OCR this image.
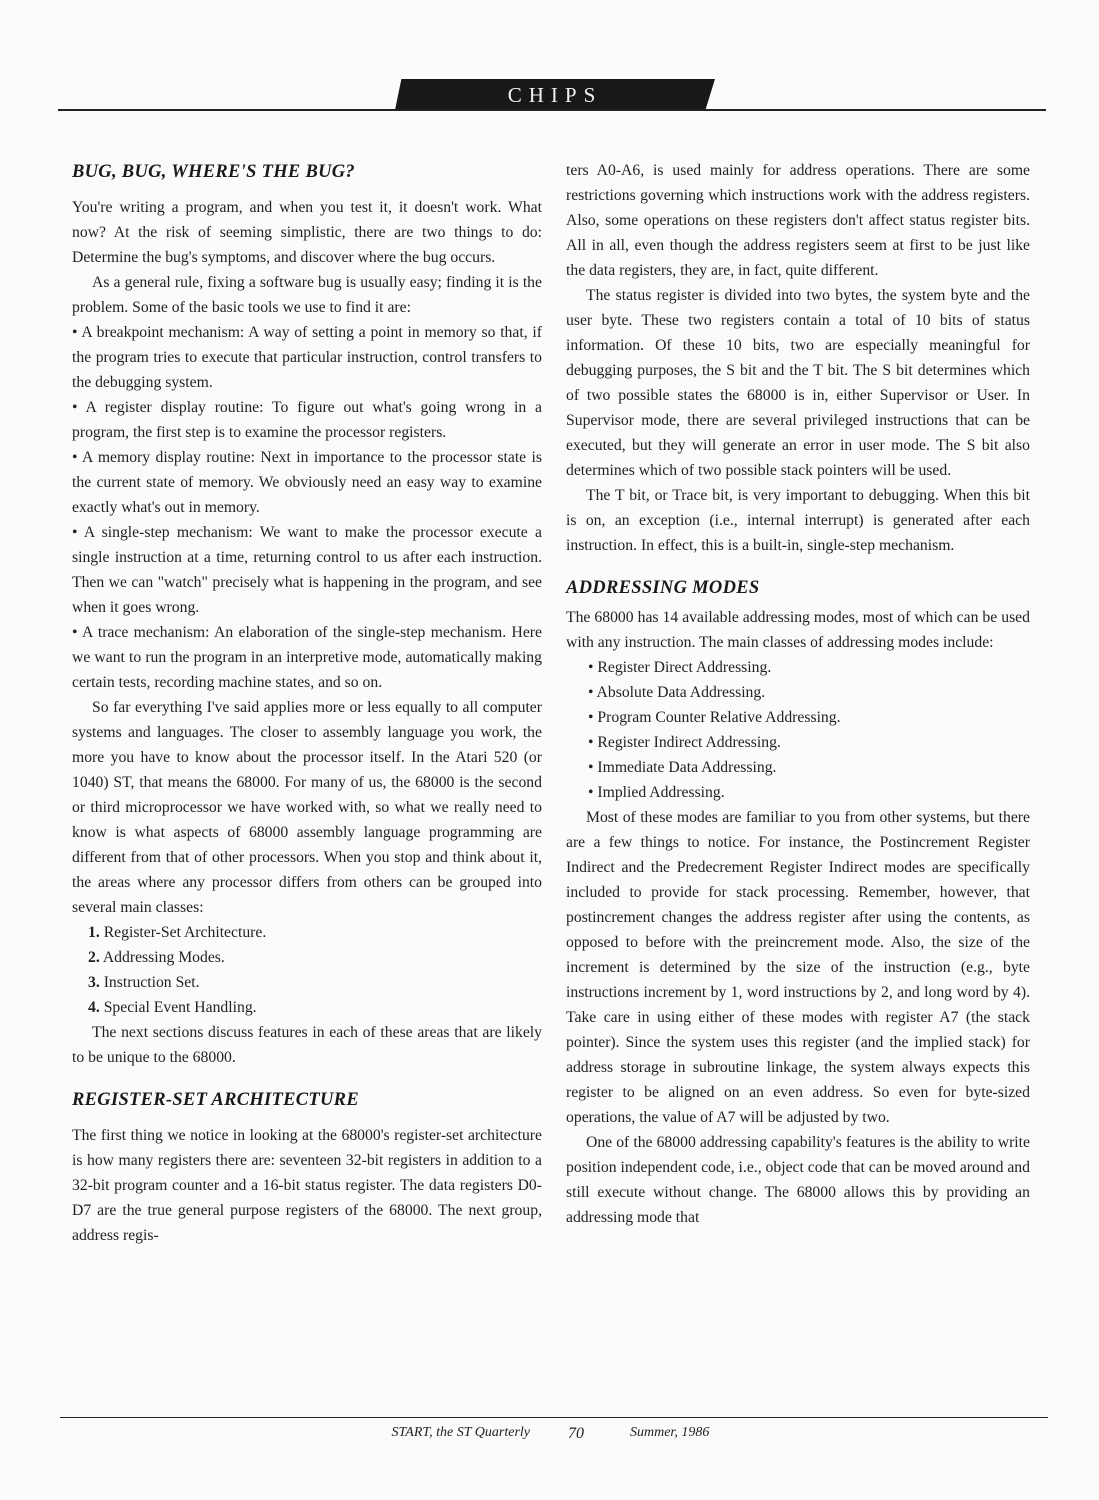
CHIPS
BUG, BUG, WHERE'S THE BUG?

You're writing a program, and when you test it, it doesn't work. What now? At the risk of seeming simplistic, there are two things to do: Determine the bug's symptoms, and discover where the bug occurs.

As a general rule, fixing a software bug is usually easy; finding it is the problem. Some of the basic tools we use to find it are:

• A breakpoint mechanism: A way of setting a point in memory so that, if the program tries to execute that particular instruction, control transfers to the debugging system.

• A register display routine: To figure out what's going wrong in a program, the first step is to examine the processor registers.

• A memory display routine: Next in importance to the processor state is the current state of memory. We obviously need an easy way to examine exactly what's out in memory.

• A single-step mechanism: We want to make the processor execute a single instruction at a time, returning control to us after each instruction. Then we can "watch" precisely what is happening in the program, and see when it goes wrong.

• A trace mechanism: An elaboration of the single-step mechanism. Here we want to run the program in an interpretive mode, automatically making certain tests, recording machine states, and so on.

So far everything I've said applies more or less equally to all computer systems and languages. The closer to assembly language you work, the more you have to know about the processor itself. In the Atari 520 (or 1040) ST, that means the 68000. For many of us, the 68000 is the second or third microprocessor we have worked with, so what we really need to know is what aspects of 68000 assembly language programming are different from that of other processors. When you stop and think about it, the areas where any processor differs from others can be grouped into several main classes:

1. Register-Set Architecture.
2. Addressing Modes.
3. Instruction Set.
4. Special Event Handling.

The next sections discuss features in each of these areas that are likely to be unique to the 68000.

REGISTER-SET ARCHITECTURE

The first thing we notice in looking at the 68000's register-set architecture is how many registers there are: seventeen 32-bit registers in addition to a 32-bit program counter and a 16-bit status register. The data registers D0-D7 are the true general purpose registers of the 68000. The next group, address regis-

ters A0-A6, is used mainly for address operations. There are some restrictions governing which instructions work with the address registers. Also, some operations on these registers don't affect status register bits. All in all, even though the address registers seem at first to be just like the data registers, they are, in fact, quite different.

The status register is divided into two bytes, the system byte and the user byte. These two registers contain a total of 10 bits of status information. Of these 10 bits, two are especially meaningful for debugging purposes, the S bit and the T bit. The S bit determines which of two possible states the 68000 is in, either Supervisor or User. In Supervisor mode, there are several privileged instructions that can be executed, but they will generate an error in user mode. The S bit also determines which of two possible stack pointers will be used.

The T bit, or Trace bit, is very important to debugging. When this bit is on, an exception (i.e., internal interrupt) is generated after each instruction. In effect, this is a built-in, single-step mechanism.

ADDRESSING MODES

The 68000 has 14 available addressing modes, most of which can be used with any instruction. The main classes of addressing modes include:

• Register Direct Addressing.
• Absolute Data Addressing.
• Program Counter Relative Addressing.
• Register Indirect Addressing.
• Immediate Data Addressing.
• Implied Addressing.

Most of these modes are familiar to you from other systems, but there are a few things to notice. For instance, the Postincrement Register Indirect and the Predecrement Register Indirect modes are specifically included to provide for stack processing. Remember, however, that postincrement changes the address register after using the contents, as opposed to before with the preincrement mode. Also, the size of the increment is determined by the size of the instruction (e.g., byte instructions increment by 1, word instructions by 2, and long word by 4). Take care in using either of these modes with register A7 (the stack pointer). Since the system uses this register (and the implied stack) for address storage in subroutine linkage, the system always expects this register to be aligned on an even address. So even for byte-sized operations, the value of A7 will be adjusted by two.

One of the 68000 addressing capability's features is the ability to write position independent code, i.e., object code that can be moved around and still execute without change. The 68000 allows this by providing an addressing mode that

START, the ST Quarterly 70	Summer, 1986
